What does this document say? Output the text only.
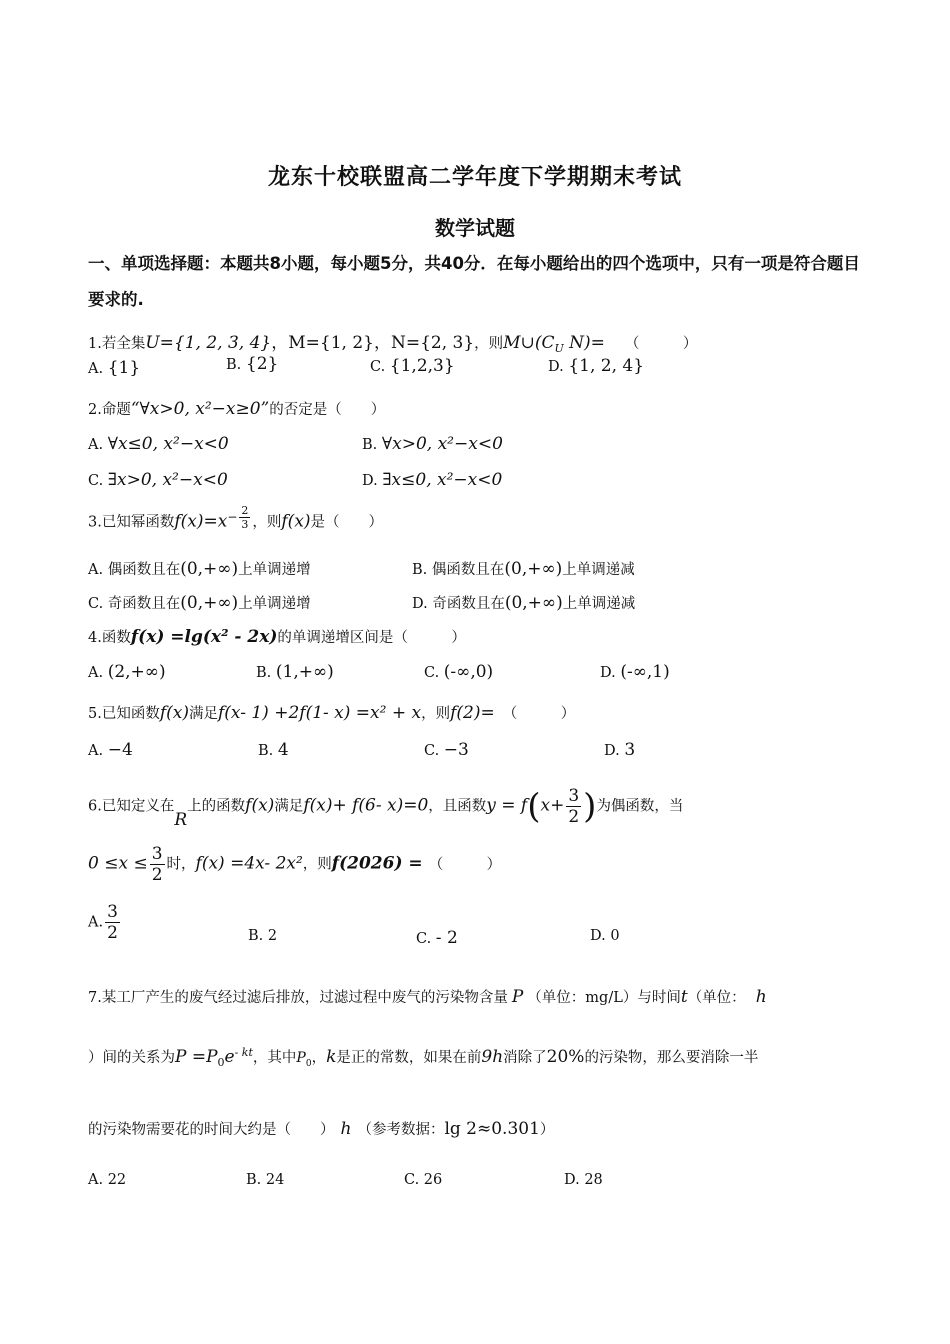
龙东十校联盟高二学年度下学期期末考试
数学试题
一、单项选择题：本题共8小题，每小题5分，共40分．在每小题给出的四个选项中，只有一项是符合题目要求的.
1.若全集U={1, 2, 3, 4}，M={1, 2}，N={2, 3}，则$M\cup(C_U$ N)= （　　　）
A. {1}	B. {2}	C. {1,2,3}	D. {1, 2, 4}
2.命题“∀x>0, x²−x≥0”的否定是（　　）
A. ∀x≤0, x²−x<0	B. ∀x>0, x²−x<0
C. ∃x>0, x²−x<0	D. ∃x≤0, x²−x<0
3.已知幂函数$f(x)=x^{- \frac{2}{3}}$ ，则f(x)是（　　）
A. 偶函数且在(0,+∞)上单调递增	B. 偶函数且在(0,+∞)上单调递减
C. 奇函数且在(0,+∞)上单调递增	D. 奇函数且在(0,+∞)上单调递减
4.函数f(x) =lg(x² - 2x)的单调递增区间是（　　　）
A. (2,+∞)	B. (1,+∞)	C. (-∞,0)	D. (-∞,1)
5.已知函数f(x)满足f(x- 1) +2f(1- x) =x² + x，则f(2)= （　　　）
A. −4	B. 4	C. −3	D. 3
6.已知定义在R上的函数f(x)满足f(x)+ f(6- x)=0，且函数$y = f(x+ \frac{3}{2}$ )为偶函数，当
$0 \le x \le \frac{3}{2}$ 时，f(x) =4x- 2x²，则f(2026) = （　　　）
A. $\frac{3}{2}$	B. 2	C. - 2	D. 0
7.某工厂产生的废气经过滤后排放，过滤过程中废气的污染物含量 P （单位：mg/L）与时间t（单位： h
）间的关系为$P =P_0e^{- kt}$，其中$P_0$，k是正的常数，如果在前9h消除了20%的污染物，那么要消除一半
的污染物需要花的时间大约是（　　） h （参考数据：lg 2≈0.301）
A. 22	B. 24	C. 26	D. 28
